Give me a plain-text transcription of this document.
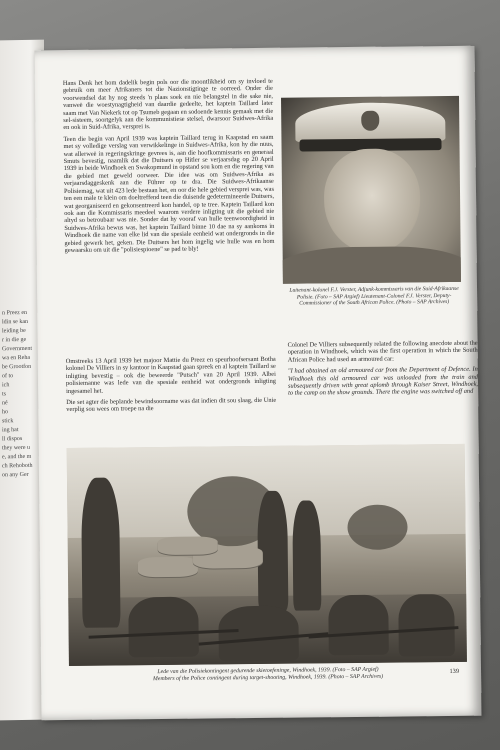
n Preez en
ldin se kan
leiding be
r in die ge
Government
wa en Reha
be Grootfon
of to
ich
ts
né
ho
stick
ing hat
ll dispos
they were u
e, and the m
ch Rehoboth
on any Ger

Hans Denk het hom dadelik begin pols oor die moontlikheid om sy invloed te gebruik om meer Afrikaners tot die Nazionstigtinge te oorreed. Onder die voorwendsel dat hy nog steeds 'n plaas soek en nie belangstel in die sake nie, vanweë die woestynagtigheid van daardie gedeelte, het kaptein Taillard later saam met Van Niekerk tot op Tsumeb gegaan en sodoende kennis gemaak met die sel-sisteem, soortgelyk aan die kommunistiese stelsel, dwarsoor Suidwes-Afrika en ook in Suid-Afrika, versprei is.

Teen die begin van April 1939 was kaptein Taillard terug in Kaapstad en saam met sy volledige verslag van verwikkelinge in Suidwes-Afrika, kon hy die nuus, wat allerweë in regeringskringe gevrees is, aan die hoofkommissaris en generaal Smuts bevestig, naamlik dat die Duitsers op Hitler se verjaarsdag op 20 April 1939 in beide Windhoek en Swakopmund in opstand sou kom en die regering van die gebied met geweld oorweer. Die idee was om Suidwes-Afrika as verjaarsdaggeskenk aan die Führer op te dra. Die Suidwes-Afrikaanse Polisiemag, wat uit 423 lede bestaan het, en oor die hele gebied versprei was, was ten een male te klein om doeltreffend teen die duisende gedetermineerde Duitsers, wat georganiseerd en gekonsentreerd kon handel, op te tree. Kaptein Taillard kon ook aan die Kommissaris meedeel waarom verdere inligting uit die gebied nie altyd so betroubaar was nie. Sonder dat hy vooraf van hulle teenwoordigheid in Suidwes-Afrika bewus was, het kaptein Taillard binne 10 dae na sy aankoms in Windhoek die name van elke lid van die spesiale eenheid wat ondergronds in die gebied gewerk het, geken. Die Duitsers het hom ingelig wie hulle was en hom gewaarsku om uit die "polisiespioene" se pad te bly!

Luitenant-kolonel F.J. Verster, Adjunk-kommissaris van die Suid-Afrikaanse Polisie. (Foto – SAP Argief) Lieutenant-Colonel F.J. Verster, Deputy-Commissioner of the South African Police. (Photo – SAP Archives)

Omstreeks 13 April 1939 het majoor Mattie du Preez en speurhoofsersant Botha kolonel De Villiers in sy kantoor in Kaapstad gaan spreek en al kaptein Taillard se inligting bevestig – ook die beweerde "Putsch" van 20 April 1939. Albei polisiemanne was lede van die spesiale eenheid wat ondergronds inligting ingesamel het.

Die set agter die beplande bewindsoorname was dat indien dit sou slaag, die Unie verplig sou wees om troepe na die

Colonel De Villiers subsequently related the following anecdote about the operation in Windhoek, which was the first operation in which the South African Police had used an armoured car:

"I had obtained an old armoured car from the Department of Defence. In Windhoek this old armoured car was unloaded from the train and subsequently driven with great aplomb through Kaiser Street, Windhoek, to the camp on the show grounds. There the engine was switched off and

Lede van die Polisiekontingent gedurende skietoefeninge, Windhoek, 1939. (Foto – SAP Argief)
Members of the Police contingent during target-shooting, Windhoek, 1939. (Photo – SAP Archives)
139
